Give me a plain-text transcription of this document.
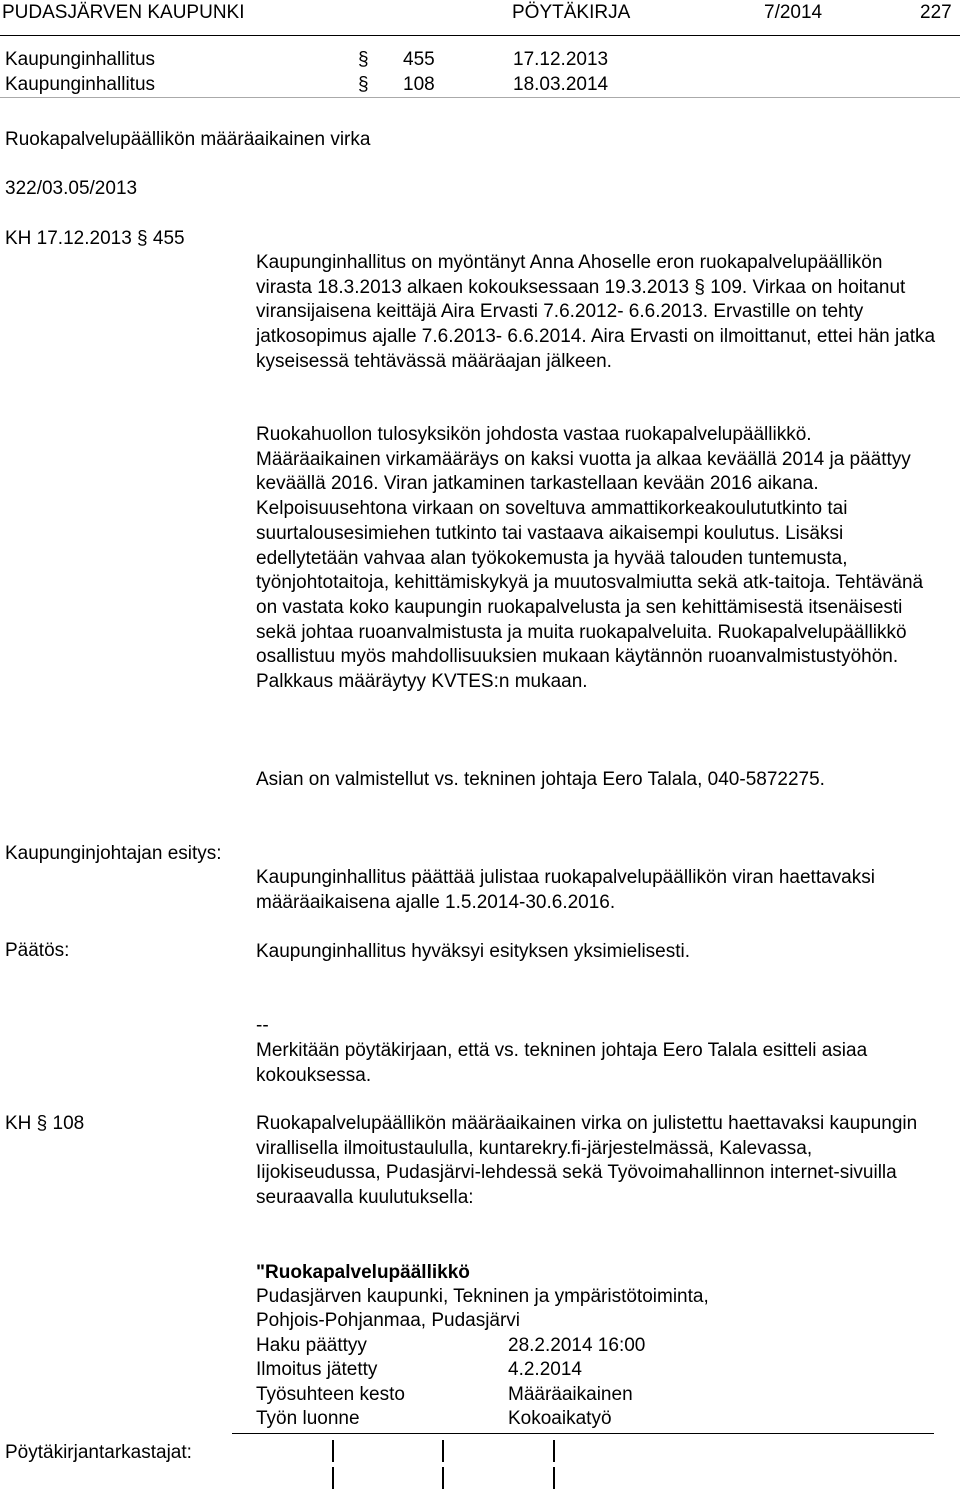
PUDASJÄRVEN KAUPUNKI	PÖYTÄKIRJA	7/2014	227
Kaupunginhallitus	§ 455	17.12.2013
Kaupunginhallitus	§ 108	18.03.2014
Ruokapalvelupäällikön määräaikainen virka
322/03.05/2013
KH 17.12.2013 § 455

Kaupunginhallitus on myöntänyt Anna Ahoselle eron ruokapalvelupäällikön virasta 18.3.2013 alkaen kokouksessaan 19.3.2013 § 109. Virkaa on hoitanut viransijaisena keittäjä Aira Ervasti 7.6.2012- 6.6.2013. Ervastille on tehty jatkosopimus ajalle 7.6.2013- 6.6.2014. Aira Ervasti on ilmoittanut, ettei hän jatka kyseisessä tehtävässä määräajan jälkeen.

Ruokahuollon tulosyksikön johdosta vastaa ruokapalvelupäällikkö. Määräaikainen virkamääräys on kaksi vuotta ja alkaa keväällä 2014 ja päättyy keväällä 2016. Viran jatkaminen tarkastellaan kevään 2016 aikana. Kelpoisuusehtona virkaan on soveltuva ammattikorkeakoulututkinto tai suurtalousesimiehen tutkinto tai vastaava aikaisempi koulutus. Lisäksi edellytetään vahvaa alan työkokemusta ja hyvää talouden tuntemusta, työnjohtotaitoja, kehittämiskykyä ja muutosvalmiutta sekä atk-taitoja. Tehtävänä on vastata koko kaupungin ruokapalvelusta ja sen kehittämisestä itsenäisesti sekä johtaa ruoanvalmistusta ja muita ruokapalveluita. Ruokapalvelupäällikkö osallistuu myös mahdollisuuksien mukaan käytännön ruoanvalmistustyöhön. Palkkaus määräytyy KVTES:n mukaan.

Asian on valmistellut vs. tekninen johtaja Eero Talala, 040-5872275.

Kaupunginjohtajan esitys:
Kaupunginhallitus päättää julistaa ruokapalvelupäällikön viran haettavaksi määräaikaisena ajalle 1.5.2014-30.6.2016.
Päätös:	Kaupunginhallitus hyväksyi esityksen yksimielisesti.
--
Merkitään pöytäkirjaan, että vs. tekninen johtaja Eero Talala esitteli asiaa kokouksessa.
KH § 108	Ruokapalvelupäällikön määräaikainen virka on julistettu haettavaksi kaupungin virallisella ilmoitustaululla, kuntarekry.fi-järjestelmässä, Kalevassa, Iijokiseudussa, Pudasjärvi-lehdessä sekä Työvoimahallinnon internet-sivuilla seuraavalla kuulutuksella:
"Ruokapalvelupäällikkö
Pudasjärven kaupunki, Tekninen ja ympäristötoiminta,
Pohjois-Pohjanmaa, Pudasjärvi
Haku päättyy	28.2.2014 16:00
Ilmoitus jätetty	4.2.2014
Työsuhteen kesto	Määräaikainen
Työn luonne	Kokoaikatyö
Pöytäkirjantarkastajat:
